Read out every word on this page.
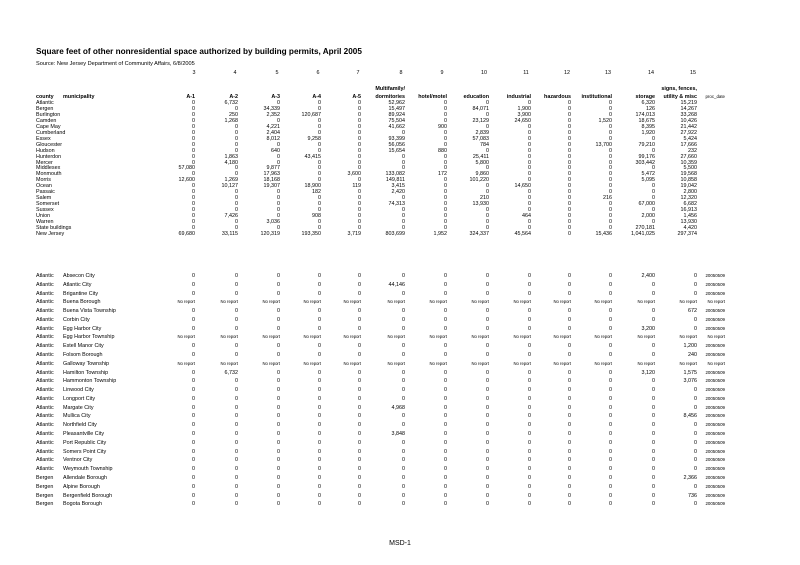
Square feet of other nonresidential space authorized by building permits, April 2005
Source: New Jersey Department of Community Affairs, 6/8/2005
3	4	5	6	7	8	9	10	11	12	13	14	15
county municipality	A-1	A-2	A-3	A-4	A-5
Multifamily/
dormitories	hotel/motel	education	industrial	hazardous	institutional	storage
signs, fences,
utility & misc	proc_date
Atlantic	0	6,732	0	0	0	52,962	0	0	0	0	0	6,320	15,219
Bergen	0	0	34,339	0	0	15,497	0	84,071	1,900	0	0	126	14,267
Burlington	0	250	2,352	120,687	0	89,924	0	0	3,900	0	0	174,013	33,268
Camden	0	1,268	0	0	0	75,504	0	23,129	24,650	0	1,520	18,675	10,426
Cape May	0	0	4,221	0	0	41,662	900	0	0	0	0	8,395	21,442
Cumberland	0	0	2,404	0	0	0	0	2,839	0	0	0	1,920	27,922
Essex	0	0	8,012	9,258	0	93,399	0	57,083	0	0	0	0	5,424
Gloucester	0	0	0	0	0	56,056	0	784	0	0	13,700	79,210	17,666
Hudson	0	0	640	0	0	15,654	880	0	0	0	0	0	232
Hunterdon	0	1,863	0	43,415	0	0	0	25,411	0	0	0	99,176	27,660
Mercer	0	4,180	0	0	0	0	0	5,800	0	0	0	303,442	10,359
Middlesex	57,080	0	9,877	0	0	0	0	0	0	0	0	0	5,500
Monmouth	0	0	17,963	0	3,600	133,082	172	9,860	0	0	0	5,472	19,568
Morris	12,600	1,269	18,168	0	0	149,811	0	101,220	0	0	0	5,095	10,858
Ocean	0	10,127	19,307	18,900	119	3,415	0	0	14,650	0	0	0	19,042
Passaic	0	0	0	182	0	2,420	0	0	0	0	0	0	2,800
Salem	0	0	0	0	0	0	0	210	0	0	216	0	12,320
Somerset	0	0	0	0	0	74,313	0	13,930	0	0	0	67,000	6,682
Sussex	0	0	0	0	0	0	0	0	0	0	0	0	16,913
Union	0	7,426	0	908	0	0	0	0	464	0	0	2,000	1,456
Warren	0	0	3,036	0	0	0	0	0	0	0	0	0	13,930
State buildings	0	0	0	0	0	0	0	0	0	0	0	270,181	4,420
New Jersey	69,680	33,115	120,319	193,350	3,719	803,699	1,952	324,337	45,564	0	15,436	1,041,025	297,374
Atlantic Absecon City	0	0	0	0	0	0	0	0	0	0	0	2,400	0	20050509
Atlantic Atlantic City	0	0	0	0	0	44,146	0	0	0	0	0	0	0	20050509
Atlantic Brigantine City	0	0	0	0	0	0	0	0	0	0	0	0	0	20050509
Atlantic Buena Borough	No report	No report	No report	No report	No report	No report	No report	No report	No report	No report	No report	No report	No report	No report
Atlantic Buena Vista Township	0	0	0	0	0	0	0	0	0	0	0	0	672	20050509
Atlantic Corbin City	0	0	0	0	0	0	0	0	0	0	0	0	0	20050509
Atlantic Egg Harbor City	0	0	0	0	0	0	0	0	0	0	0	3,200	0	20050509
Atlantic Egg Harbor Township	No report	No report	No report	No report	No report	No report	No report	No report	No report	No report	No report	No report	No report	No report
Atlantic Estell Manor City	0	0	0	0	0	0	0	0	0	0	0	0	1,200	20050509
Atlantic Folsom Borough	0	0	0	0	0	0	0	0	0	0	0	0	240	20050509
Atlantic Galloway Township	No report	No report	No report	No report	No report	No report	No report	No report	No report	No report	No report	No report	No report	No report
Atlantic Hamilton Township	0	6,732	0	0	0	0	0	0	0	0	0	3,120	1,575	20050509
Atlantic Hammonton Township	0	0	0	0	0	0	0	0	0	0	0	0	3,076	20050509
Atlantic Linwood City	0	0	0	0	0	0	0	0	0	0	0	0	0	20050509
Atlantic Longport City	0	0	0	0	0	0	0	0	0	0	0	0	0	20050509
Atlantic Margate City	0	0	0	0	0	4,968	0	0	0	0	0	0	0	20050509
Atlantic Mullica City	0	0	0	0	0	0	0	0	0	0	0	0	8,456	20050509
Atlantic Northfield City	0	0	0	0	0	0	0	0	0	0	0	0	0	20050509
Atlantic Pleasantville City	0	0	0	0	0	3,848	0	0	0	0	0	0	0	20050509
Atlantic Port Republic City	0	0	0	0	0	0	0	0	0	0	0	0	0	20050509
Atlantic Somers Point City	0	0	0	0	0	0	0	0	0	0	0	0	0	20050509
Atlantic Ventnor City	0	0	0	0	0	0	0	0	0	0	0	0	0	20050509
Atlantic Weymouth Township	0	0	0	0	0	0	0	0	0	0	0	0	0	20050509
Bergen Allendale Borough	0	0	0	0	0	0	0	0	0	0	0	0	2,366	20050509
Bergen Alpine Borough	0	0	0	0	0	0	0	0	0	0	0	0	0	20050509
Bergen Bergenfield Borough	0	0	0	0	0	0	0	0	0	0	0	0	736	20050509
Bergen Bogota Borough	0	0	0	0	0	0	0	0	0	0	0	0	0	20050509
MSD-1
